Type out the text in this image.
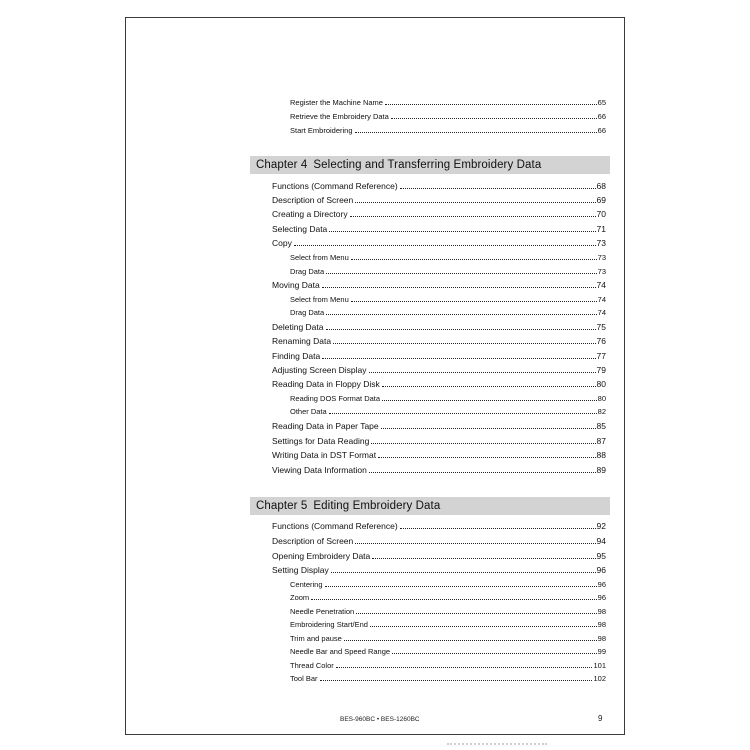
Register the Machine Name	65
Retrieve the Embroidery Data	66
Start Embroidering	66
Chapter 4 Selecting and Transferring Embroidery Data
Functions (Command Reference)	68
Description of Screen	69
Creating a Directory	70
Selecting Data	71
Copy	73
Select from Menu	73
Drag Data	73
Moving Data	74
Select from Menu	74
Drag Data	74
Deleting Data	75
Renaming Data	76
Finding Data	77
Adjusting Screen Display	79
Reading Data in Floppy Disk	80
Reading DOS Format Data	80
Other Data	82
Reading Data in Paper Tape	85
Settings for Data Reading	87
Writing Data in DST Format	88
Viewing Data Information	89
Chapter 5 Editing Embroidery Data
Functions (Command Reference)	92
Description of Screen	94
Opening Embroidery Data	95
Setting Display	96
Centering	96
Zoom	96
Needle Penetration	98
Embroidering Start/End	98
Trim and pause	98
Needle Bar and Speed Range	99
Thread Color	101
Tool Bar	102
BES-960BC • BES-1260BC	9
